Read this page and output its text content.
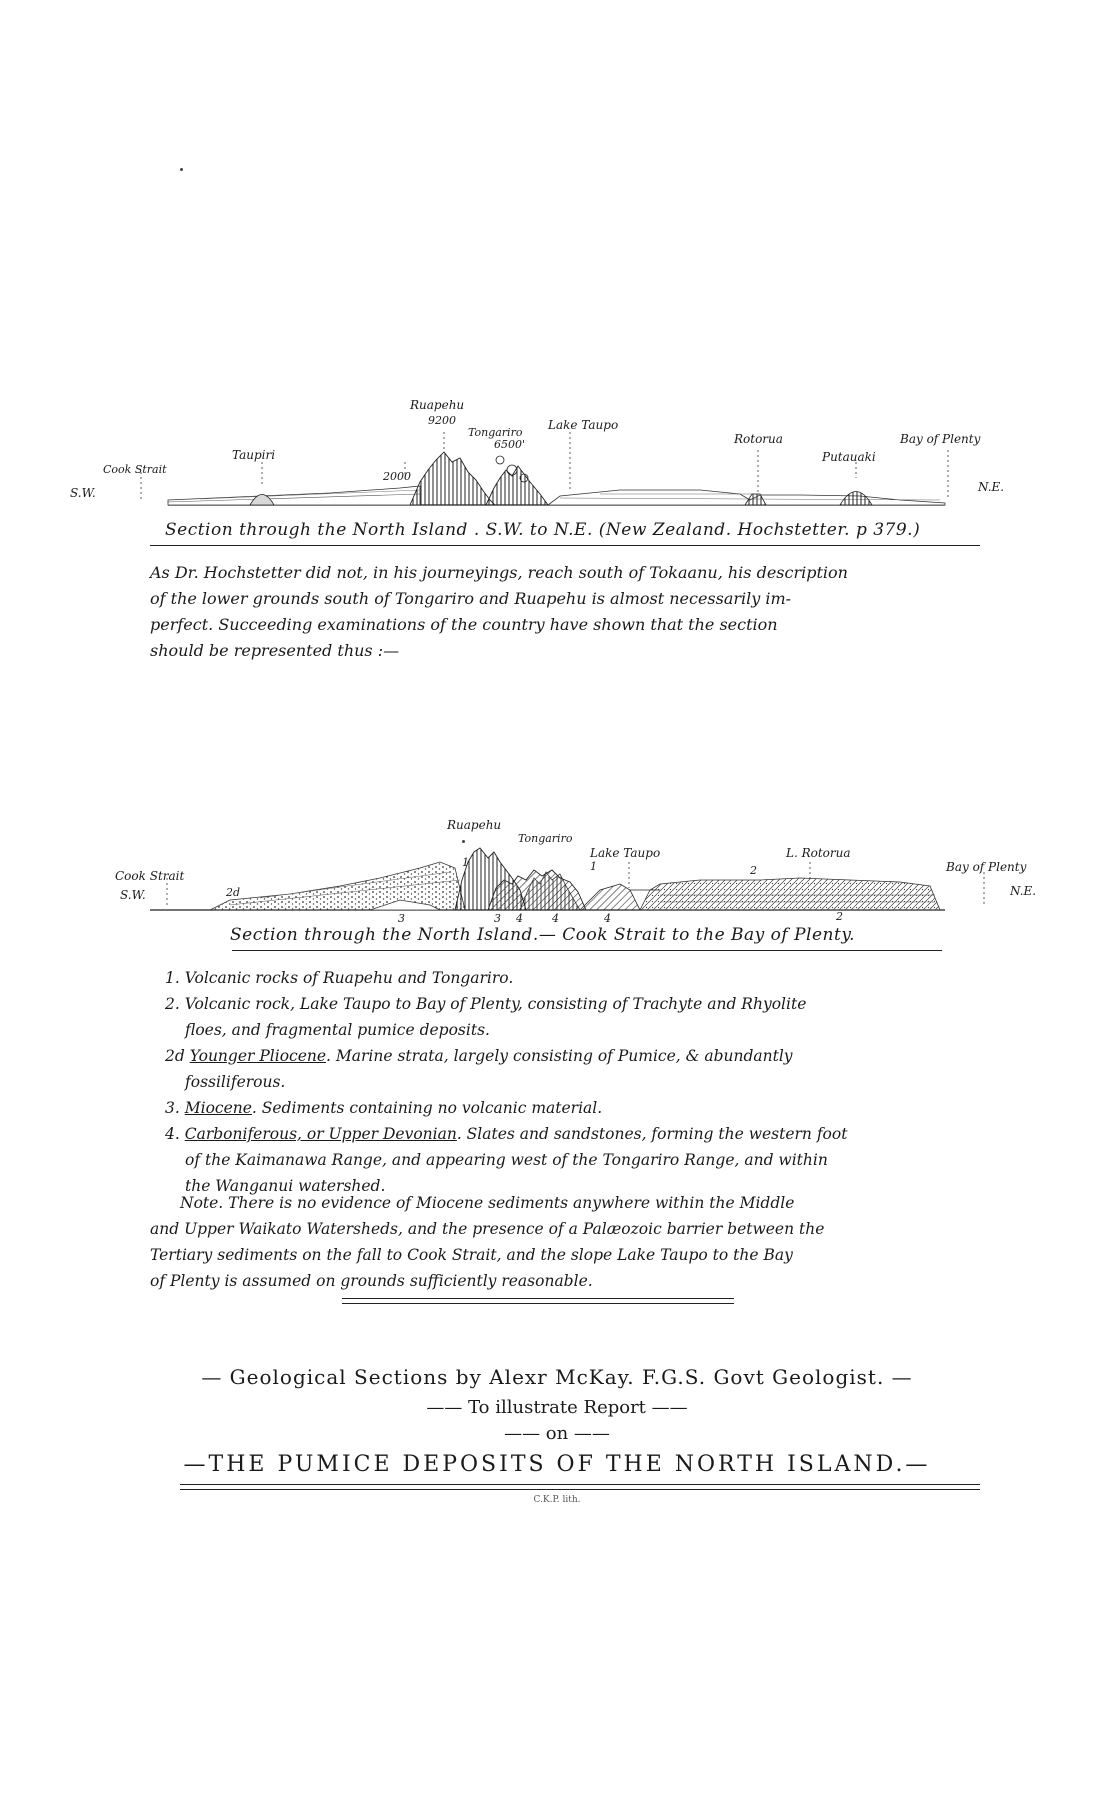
Ruapehu
9200
Tongariro
6500'
Lake Taupo
Rotorua	Bay of Plenty
Putauaki
Taupiri
Cook Strait
2000
S.W.	N.E.
Section through the North Island . S.W. to N.E. (New Zealand. Hochstetter. p 379.)

As Dr. Hochstetter did not, in his journeyings, reach south of Tokaanu, his description

of the lower grounds south of Tongariro and Ruapehu is almost necessarily im-

perfect. Succeeding examinations of the country have shown that the section

should be represented thus :—

Ruapehu
Tongariro
Lake Taupo	L. Rotorua
Bay of Plenty
Cook Strait
S.W.	N.E.
1	1	2
2
2d
3	3 4	4	4
Section through the North Island.— Cook Strait to the Bay of Plenty.

1. Volcanic rocks of Ruapehu and Tongariro.

2. Volcanic rock, Lake Taupo to Bay of Plenty, consisting of Trachyte and Rhyolite

floes, and fragmental pumice deposits.

2d Younger Pliocene. Marine strata, largely consisting of Pumice, & abundantly

fossiliferous.

3. Miocene. Sediments containing no volcanic material.

4. Carboniferous, or Upper Devonian. Slates and sandstones, forming the western foot

of the Kaimanawa Range, and appearing west of the Tongariro Range, and within

the Wanganui watershed.

Note. There is no evidence of Miocene sediments anywhere within the Middle

and Upper Waikato Watersheds, and the presence of a Palæozoic barrier between the

Tertiary sediments on the fall to Cook Strait, and the slope Lake Taupo to the Bay

of Plenty is assumed on grounds sufficiently reasonable.

— Geological Sections by Alexr McKay. F.G.S. Govt Geologist. —
—— To illustrate Report ——
—— on ——
—THE PUMICE DEPOSITS OF THE NORTH ISLAND.—
C.K.P. lith.
